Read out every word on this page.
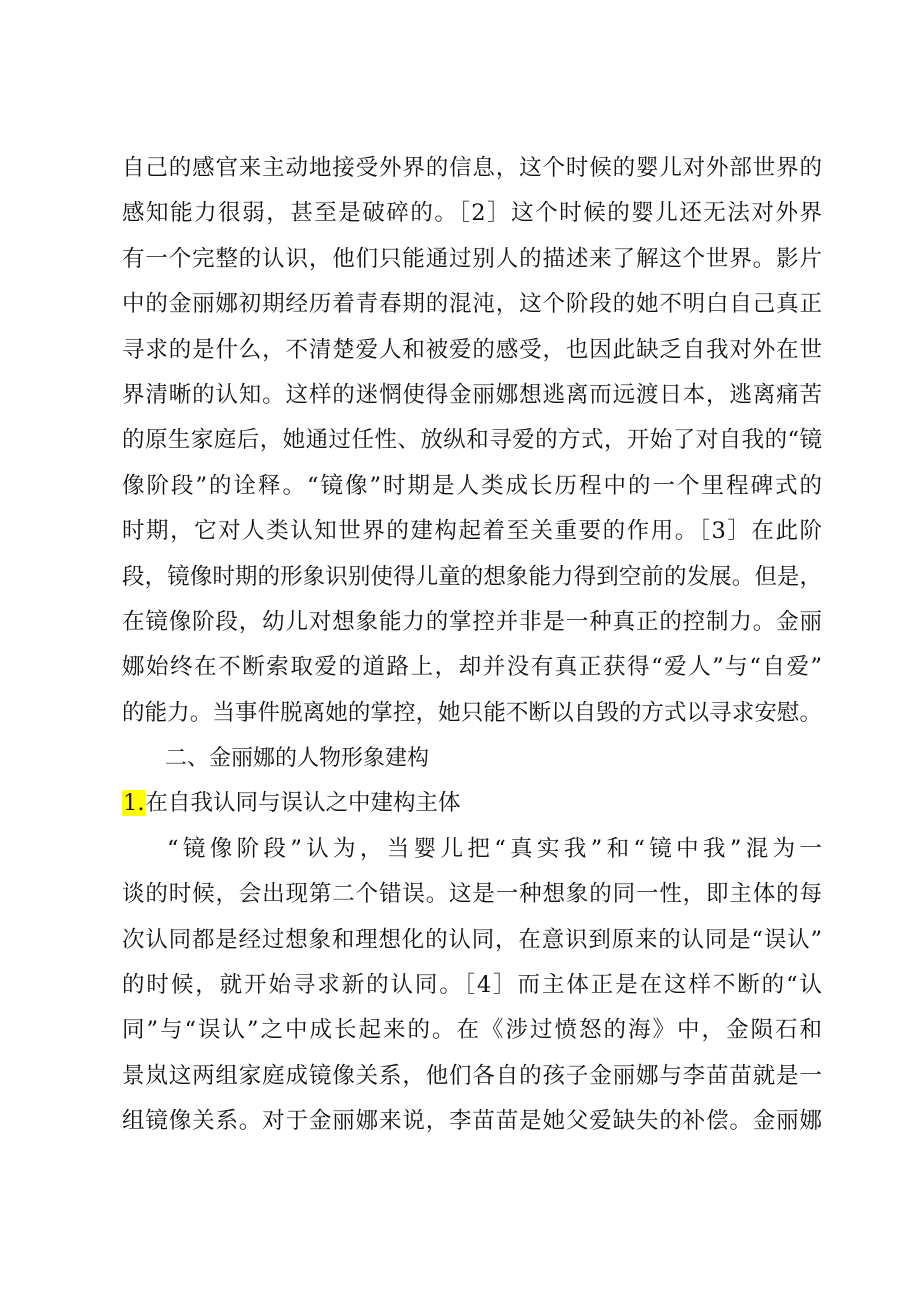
自己的感官来主动地接受外界的信息，这个时候的婴儿对外部世界的
感知能力很弱，甚至是破碎的。［2］这个时候的婴儿还无法对外界
有一个完整的认识，他们只能通过别人的描述来了解这个世界。影片
中的金丽娜初期经历着青春期的混沌，这个阶段的她不明白自己真正
寻求的是什么，不清楚爱人和被爱的感受，也因此缺乏自我对外在世
界清晰的认知。这样的迷惘使得金丽娜想逃离而远渡日本，逃离痛苦
的原生家庭后，她通过任性、放纵和寻爱的方式，开始了对自我的“镜
像阶段”的诠释。“镜像”时期是人类成长历程中的一个里程碑式的
时期，它对人类认知世界的建构起着至关重要的作用。［3］在此阶
段，镜像时期的形象识别使得儿童的想象能力得到空前的发展。但是，
在镜像阶段，幼儿对想象能力的掌控并非是一种真正的控制力。金丽
娜始终在不断索取爱的道路上，却并没有真正获得“爱人”与“自爱”
的能力。当事件脱离她的掌控，她只能不断以自毁的方式以寻求安慰。
二、金丽娜的人物形象建构
1.在自我认同与误认之中建构主体
“镜像阶段”认为，当婴儿把“真实我”和“镜中我”混为一
谈的时候，会出现第二个错误。这是一种想象的同一性，即主体的每
次认同都是经过想象和理想化的认同，在意识到原来的认同是“误认”
的时候，就开始寻求新的认同。［4］而主体正是在这样不断的“认
同”与“误认”之中成长起来的。在《涉过愤怒的海》中，金陨石和
景岚这两组家庭成镜像关系，他们各自的孩子金丽娜与李苗苗就是一
组镜像关系。对于金丽娜来说，李苗苗是她父爱缺失的补偿。金丽娜
